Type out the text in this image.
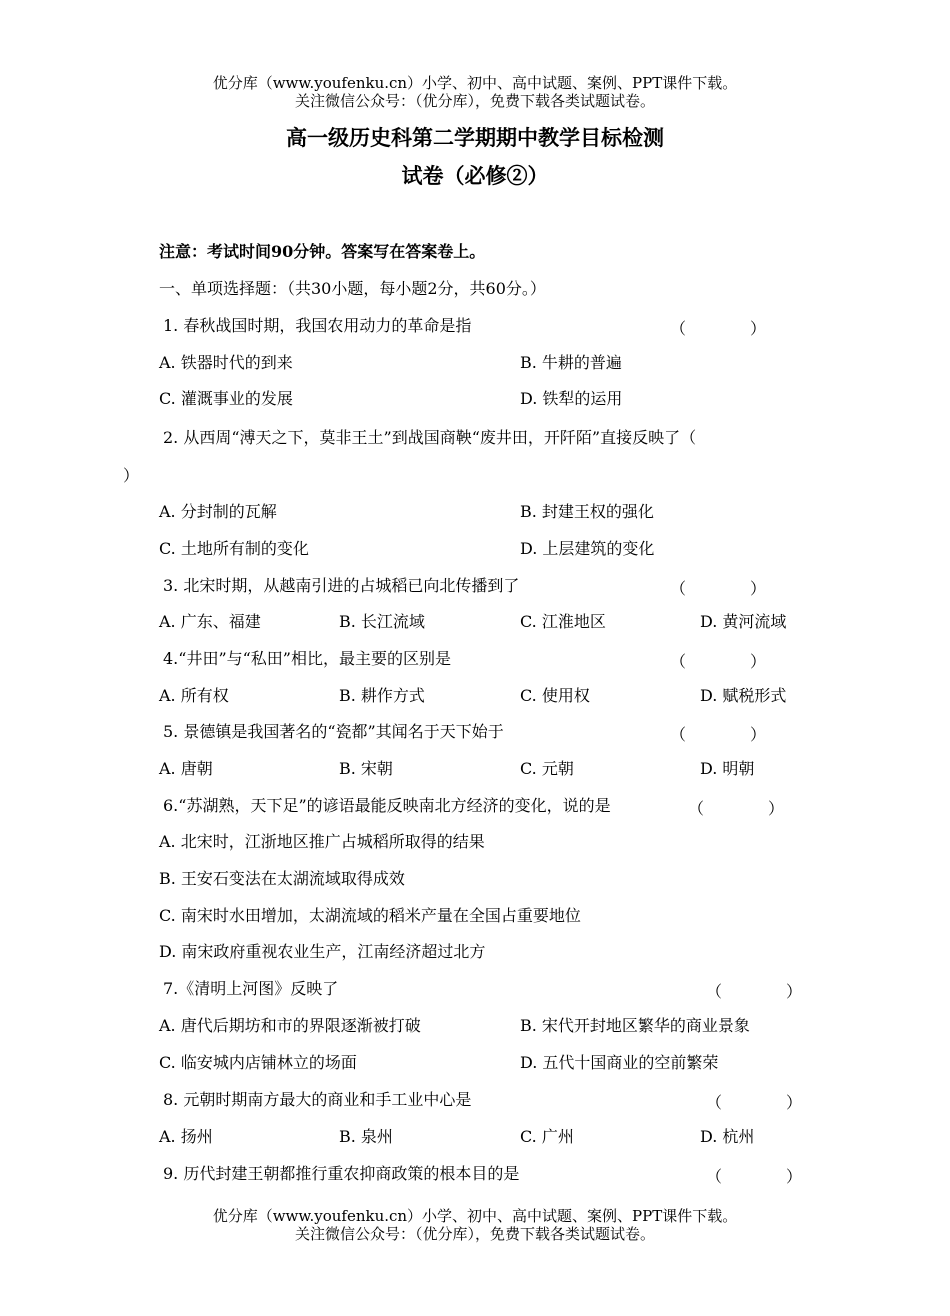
优分库（www.youfenku.cn）小学、初中、高中试题、案例、PPT课件下载。
关注微信公众号：（优分库），免费下载各类试题试卷。
高一级历史科第二学期期中教学目标检测
试卷（必修②）
注意：考试时间90分钟。答案写在答案卷上。
一、单项选择题：（共30小题，每小题2分，共60分。）
1. 春秋战国时期，我国农用动力的革命是指	（　　　　）
A. 铁器时代的到来	B. 牛耕的普遍
C. 灌溉事业的发展	D. 铁犁的运用
2. 从西周“溥天之下，莫非王土”到战国商鞅“废井田，开阡陌”直接反映了（
）
A. 分封制的瓦解	B. 封建王权的强化
C. 土地所有制的变化	D. 上层建筑的变化
3. 北宋时期，从越南引进的占城稻已向北传播到了	（　　　　）
A. 广东、福建	B. 长江流域	C. 江淮地区	D. 黄河流域
4.“井田”与“私田”相比，最主要的区别是	（　　　　）
A. 所有权	B. 耕作方式	C. 使用权	D. 赋税形式
5. 景德镇是我国著名的“瓷都”其闻名于天下始于	（　　　　）
A. 唐朝	B. 宋朝	C. 元朝	D. 明朝
6.“苏湖熟，天下足”的谚语最能反映南北方经济的变化，说的是	（　　　　）
A. 北宋时，江浙地区推广占城稻所取得的结果
B. 王安石变法在太湖流域取得成效
C. 南宋时水田增加，太湖流域的稻米产量在全国占重要地位
D. 南宋政府重视农业生产，江南经济超过北方
7.《清明上河图》反映了	（　　　　）
A. 唐代后期坊和市的界限逐渐被打破	B. 宋代开封地区繁华的商业景象
C. 临安城内店铺林立的场面	D. 五代十国商业的空前繁荣
8. 元朝时期南方最大的商业和手工业中心是	（　　　　）
A. 扬州	B. 泉州	C. 广州	D. 杭州
9. 历代封建王朝都推行重农抑商政策的根本目的是	（　　　　）
优分库（www.youfenku.cn）小学、初中、高中试题、案例、PPT课件下载。
关注微信公众号：（优分库），免费下载各类试题试卷。
